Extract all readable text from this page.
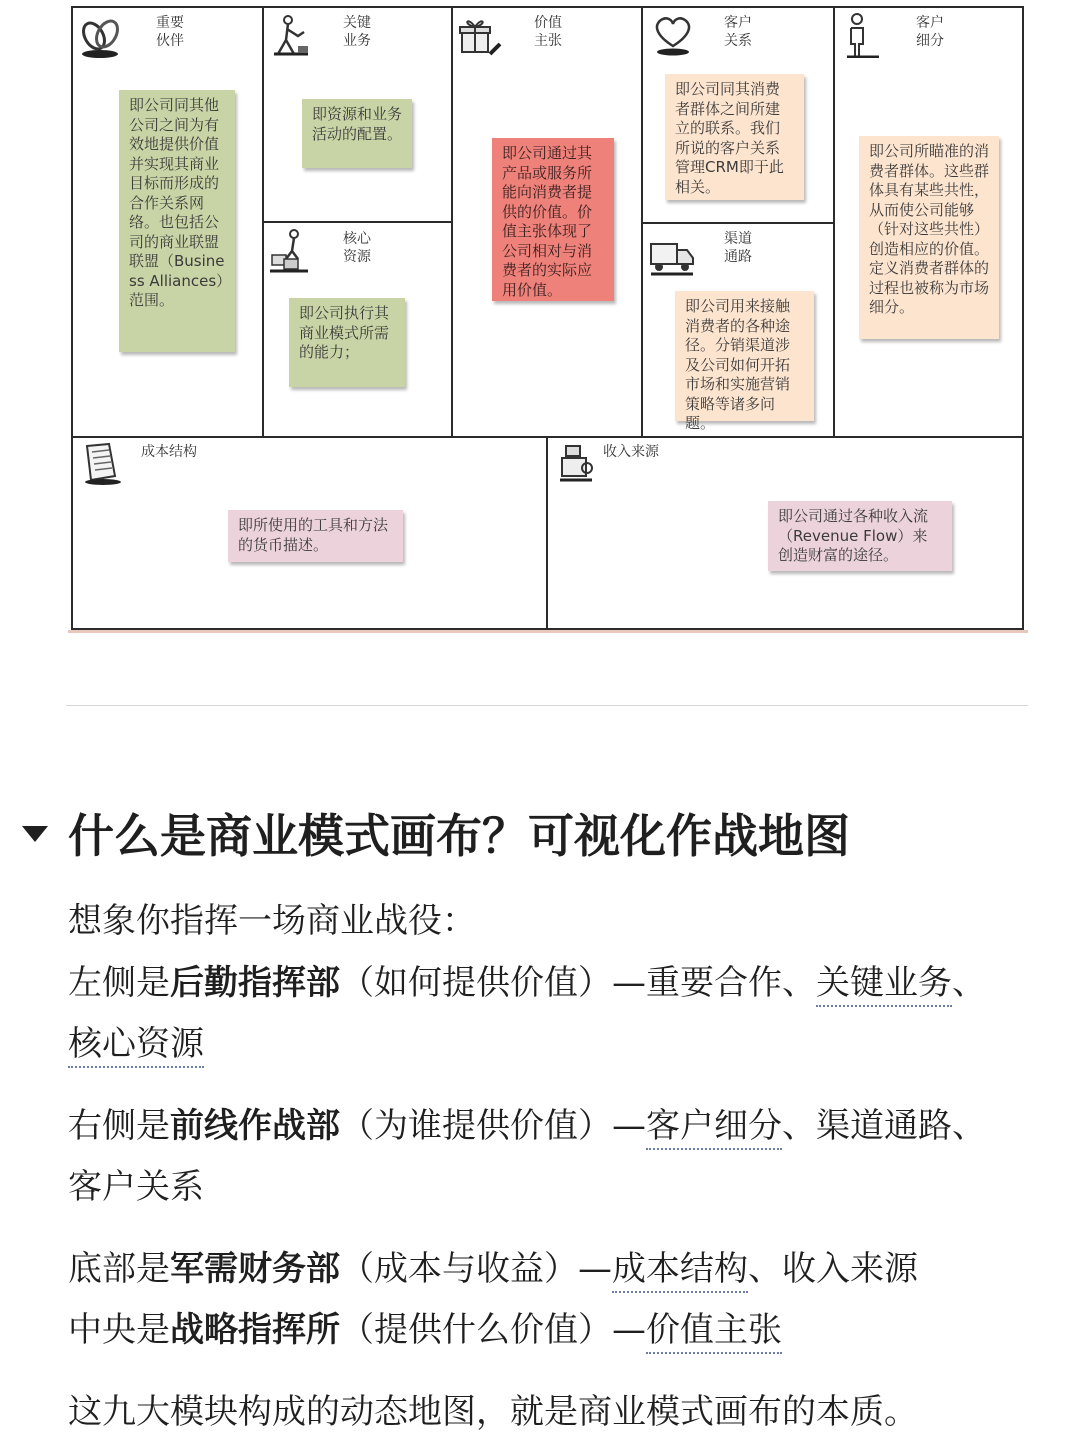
重要
伙伴
即公司同其他公司之间为有效地提供价值并实现其商业目标而形成的合作关系网络。也包括公司的商业联盟联盟（Business Alliances）范围。
关键
业务
即资源和业务活动的配置。
核心
资源
即公司执行其商业模式所需的能力；
价值
主张
即公司通过其产品或服务所能向消费者提供的价值。价值主张体现了公司相对与消费者的实际应用价值。
客户
关系
即公司同其消费者群体之间所建立的联系。我们所说的客户关系管理CRM即于此相关。
渠道
通路
即公司用来接触消费者的各种途径。分销渠道涉及公司如何开拓市场和实施营销策略等诸多问题。
客户
细分
即公司所瞄准的消费者群体。这些群体具有某些共性，从而使公司能够（针对这些共性）创造相应的价值。定义消费者群体的过程也被称为市场细分。
成本结构
即所使用的工具和方法的货币描述。
收入来源
即公司通过各种收入流（Revenue Flow）来创造财富的途径。
什么是商业模式画布？可视化作战地图
想象你指挥一场商业战役：
左侧是后勤指挥部（如何提供价值）—重要合作、关键业务、核心资源
右侧是前线作战部（为谁提供价值）—客户细分、渠道通路、客户关系
底部是军需财务部（成本与收益）—成本结构、收入来源
中央是战略指挥所（提供什么价值）—价值主张
这九大模块构成的动态地图，就是商业模式画布的本质。
